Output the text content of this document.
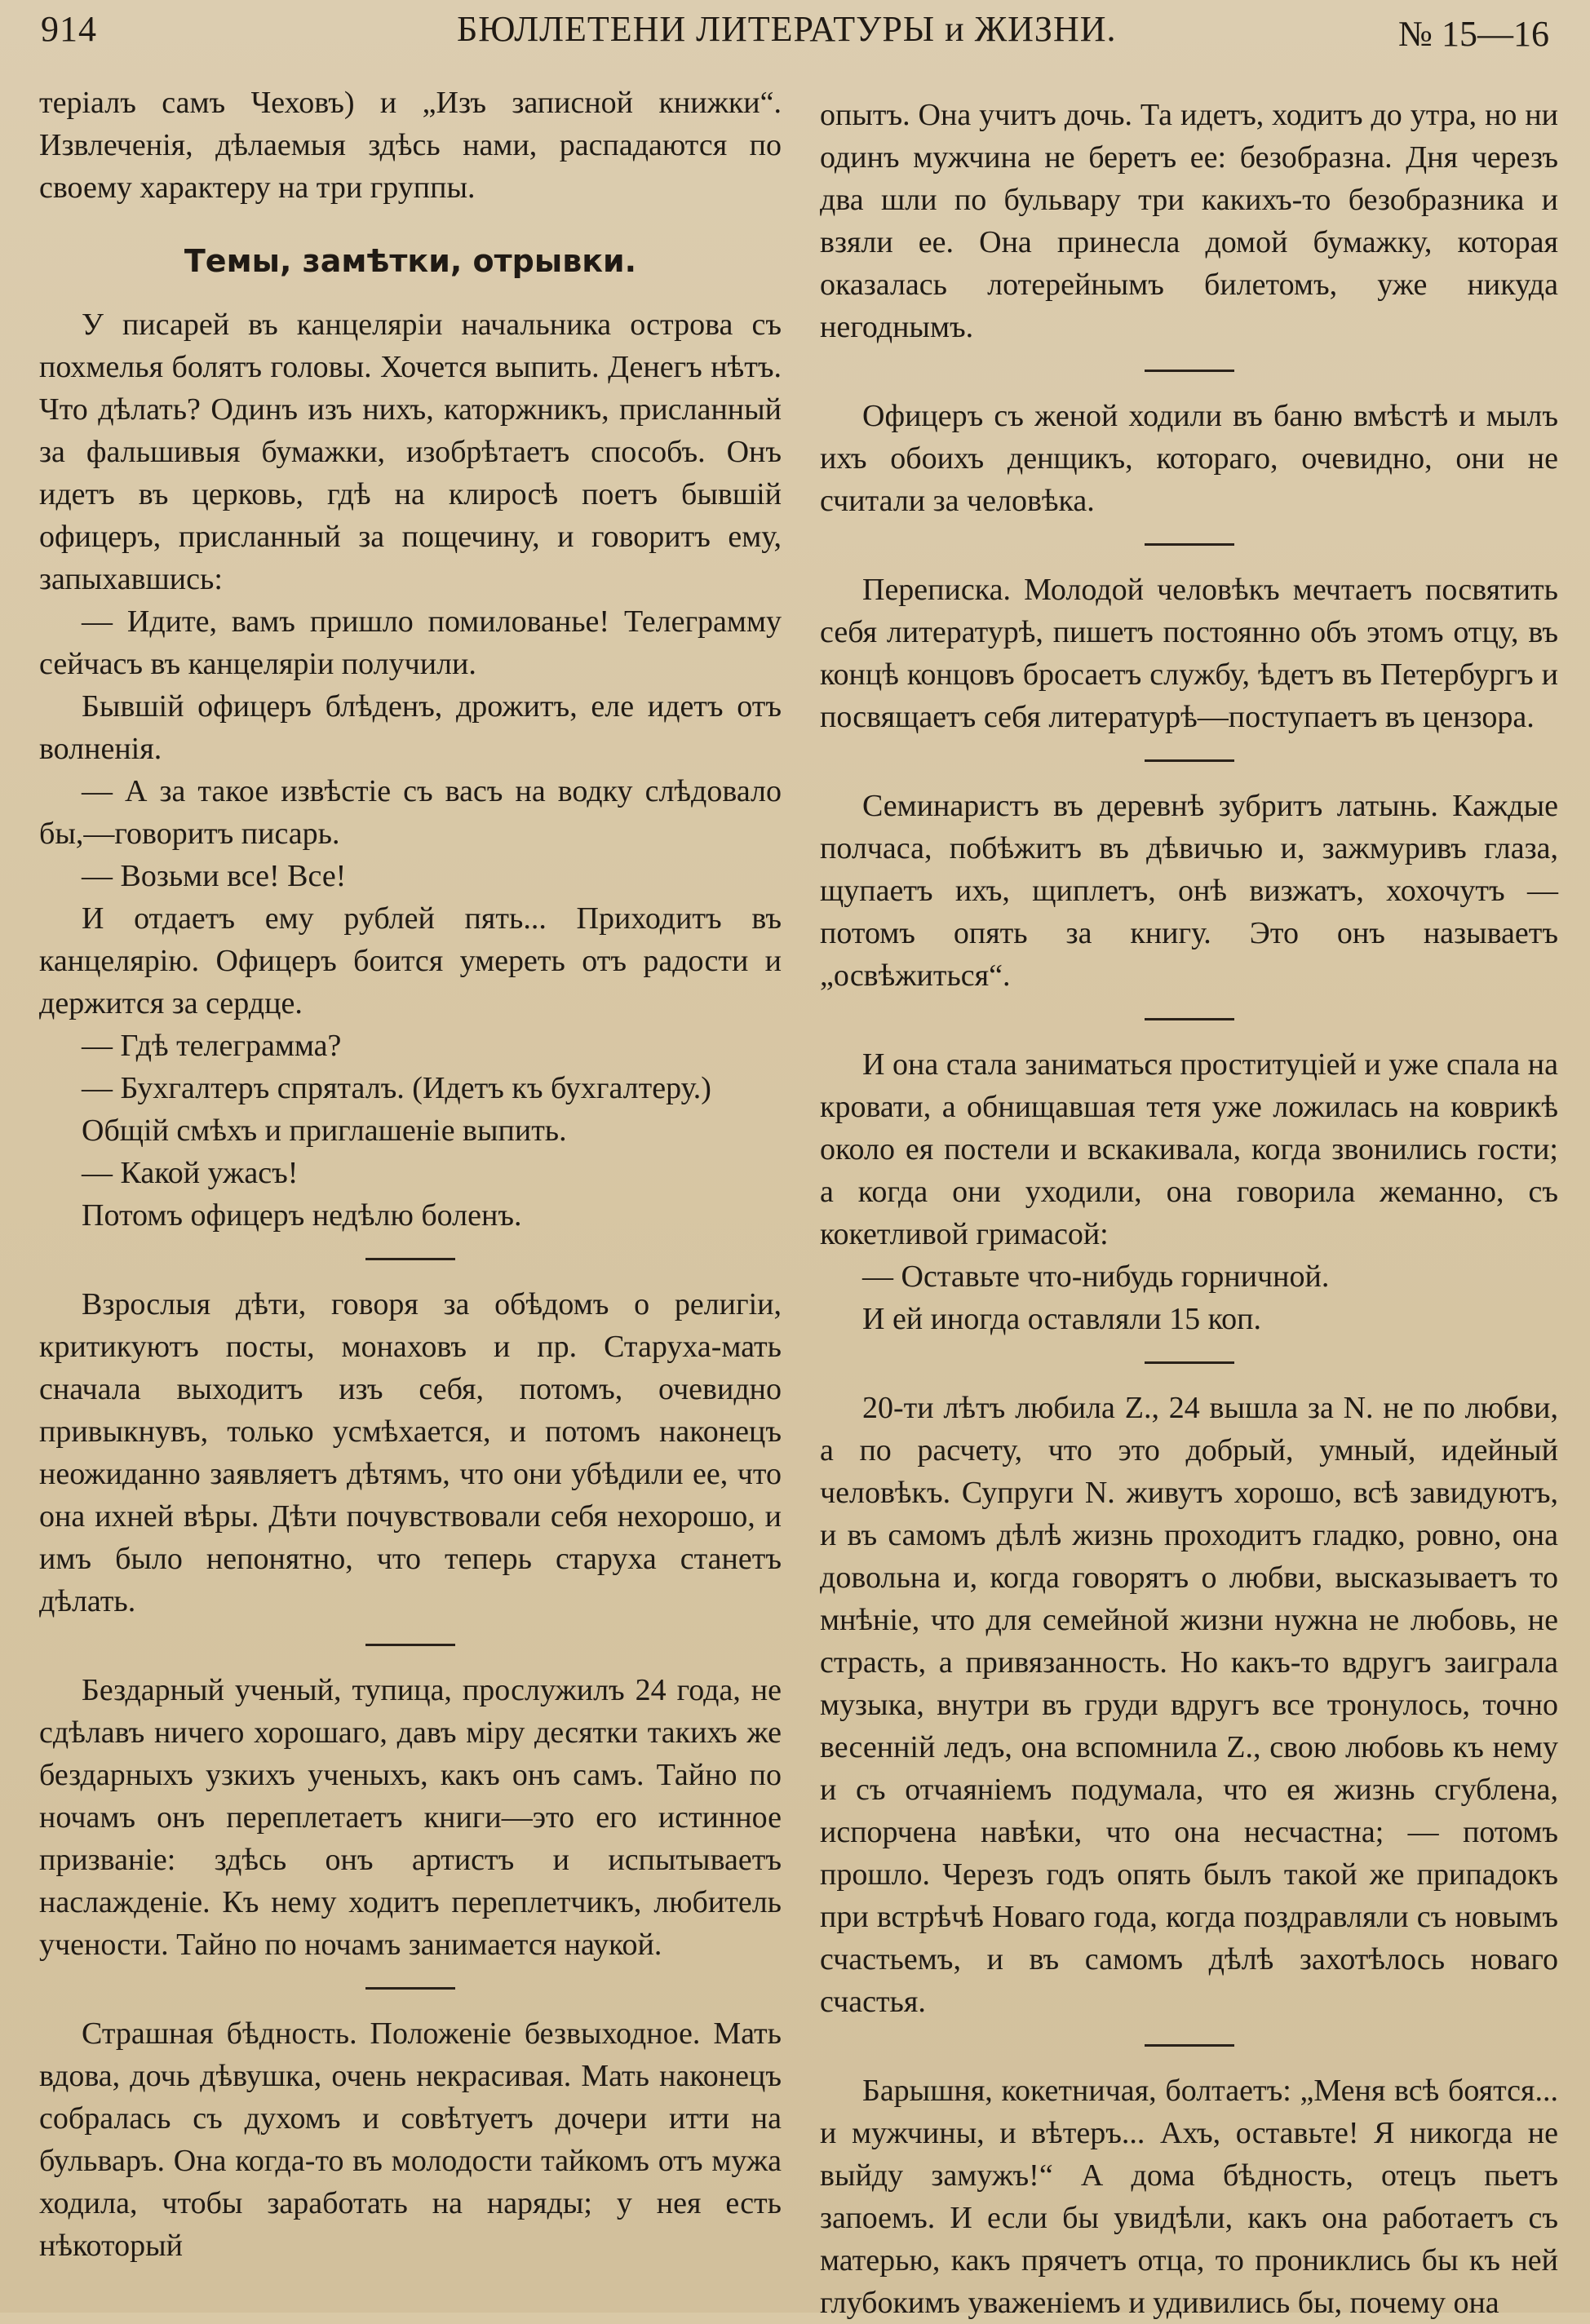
914	БЮЛЛЕТЕНИ ЛИТЕРАТУРЫ и ЖИЗНИ.	№ 15—16

теріалъ самъ Чеховъ) и „Изъ записной книжки“. Извлеченія, дѣлаемыя здѣсь нами, распадаются по своему характеру на три группы.

Темы, замѣтки, отрывки.

У писарей въ канцеляріи начальника острова съ похмелья болятъ головы. Хочется выпить. Денегъ нѣтъ. Что дѣлать? Одинъ изъ нихъ, каторжникъ, присланный за фальшивыя бумажки, изобрѣтаетъ способъ. Онъ идетъ въ церковь, гдѣ на клиросѣ поетъ бывшій офицеръ, присланный за пощечину, и говоритъ ему, запыхавшись:

— Идите, вамъ пришло помилованье! Телеграмму сейчасъ въ канцеляріи получили.

Бывшій офицеръ блѣденъ, дрожитъ, еле идетъ отъ волненія.

— А за такое извѣстіе съ васъ на водку слѣдовало бы,—говоритъ писарь.

— Возьми все! Все!

И отдаетъ ему рублей пять... Приходитъ въ канцелярію. Офицеръ боится умереть отъ радости и держится за сердце.

— Гдѣ телеграмма?

— Бухгалтеръ спряталъ. (Идетъ къ бухгалтеру.)

Общій смѣхъ и приглашеніе выпить.

— Какой ужасъ!

Потомъ офицеръ недѣлю боленъ.

Взрослыя дѣти, говоря за обѣдомъ о религіи, критикуютъ посты, монаховъ и пр. Старуха-мать сначала выходитъ изъ себя, потомъ, очевидно привыкнувъ, только усмѣхается, и потомъ наконецъ неожиданно заявляетъ дѣтямъ, что они убѣдили ее, что она ихней вѣры. Дѣти почувствовали себя нехорошо, и имъ было непонятно, что теперь старуха станетъ дѣлать.

Бездарный ученый, тупица, прослужилъ 24 года, не сдѣлавъ ничего хорошаго, давъ міру десятки такихъ же бездарныхъ узкихъ ученыхъ, какъ онъ самъ. Тайно по ночамъ онъ переплетаетъ книги—это его истинное призваніе: здѣсь онъ артистъ и испытываетъ наслажденіе. Къ нему ходитъ переплетчикъ, любитель учености. Тайно по ночамъ занимается наукой.

Страшная бѣдность. Положеніе безвыходное. Мать вдова, дочь дѣвушка, очень некрасивая. Мать наконецъ собралась съ духомъ и совѣтуетъ дочери итти на бульваръ. Она когда-то въ молодости тайкомъ отъ мужа ходила, чтобы заработать на наряды; у нея есть нѣкоторый

опытъ. Она учитъ дочь. Та идетъ, ходитъ до утра, но ни одинъ мужчина не беретъ ее: безобразна. Дня черезъ два шли по бульвару три какихъ-то безобразника и взяли ее. Она принесла домой бумажку, которая оказалась лотерейнымъ билетомъ, уже никуда негоднымъ.

Офицеръ съ женой ходили въ баню вмѣстѣ и мылъ ихъ обоихъ денщикъ, котораго, очевидно, они не считали за человѣка.

Переписка. Молодой человѣкъ мечтаетъ посвятить себя литературѣ, пишетъ постоянно объ этомъ отцу, въ концѣ концовъ бросаетъ службу, ѣдетъ въ Петербургъ и посвящаетъ себя литературѣ—поступаетъ въ цензора.

Семинаристъ въ деревнѣ зубритъ латынь. Каждые полчаса, побѣжитъ въ дѣвичью и, зажмуривъ глаза, щупаетъ ихъ, щиплетъ, онѣ визжатъ, хохочутъ — потомъ опять за книгу. Это онъ называетъ „освѣжиться“.

И она стала заниматься проституціей и уже спала на кровати, а обнищавшая тетя уже ложилась на коврикѣ около ея постели и вскакивала, когда звонились гости; а когда они уходили, она говорила жеманно, съ кокетливой гримасой:

— Оставьте что-нибудь горничной.

И ей иногда оставляли 15 коп.

20-ти лѣтъ любила Z., 24 вышла за N. не по любви, а по расчету, что это добрый, умный, идейный человѣкъ. Супруги N. живутъ хорошо, всѣ завидуютъ, и въ самомъ дѣлѣ жизнь проходитъ гладко, ровно, она довольна и, когда говорятъ о любви, высказываетъ то мнѣніе, что для семейной жизни нужна не любовь, не страсть, а привязанность. Но какъ-то вдругъ заиграла музыка, внутри въ груди вдругъ все тронулось, точно весенній ледъ, она вспомнила Z., свою любовь къ нему и съ отчаяніемъ подумала, что ея жизнь сгублена, испорчена навѣки, что она несчастна; — потомъ прошло. Черезъ годъ опять былъ такой же припадокъ при встрѣчѣ Новаго года, когда поздравляли съ новымъ счастьемъ, и въ самомъ дѣлѣ захотѣлось новаго счастья.

Барышня, кокетничая, болтаетъ: „Меня всѣ боятся... и мужчины, и вѣтеръ... Ахъ, оставьте! Я никогда не выйду замужъ!“ А дома бѣдность, отецъ пьетъ запоемъ. И если бы увидѣли, какъ она работаетъ съ матерью, какъ прячетъ отца, то прониклись бы къ ней глубокимъ уваженіемъ и удивились бы, почему она
